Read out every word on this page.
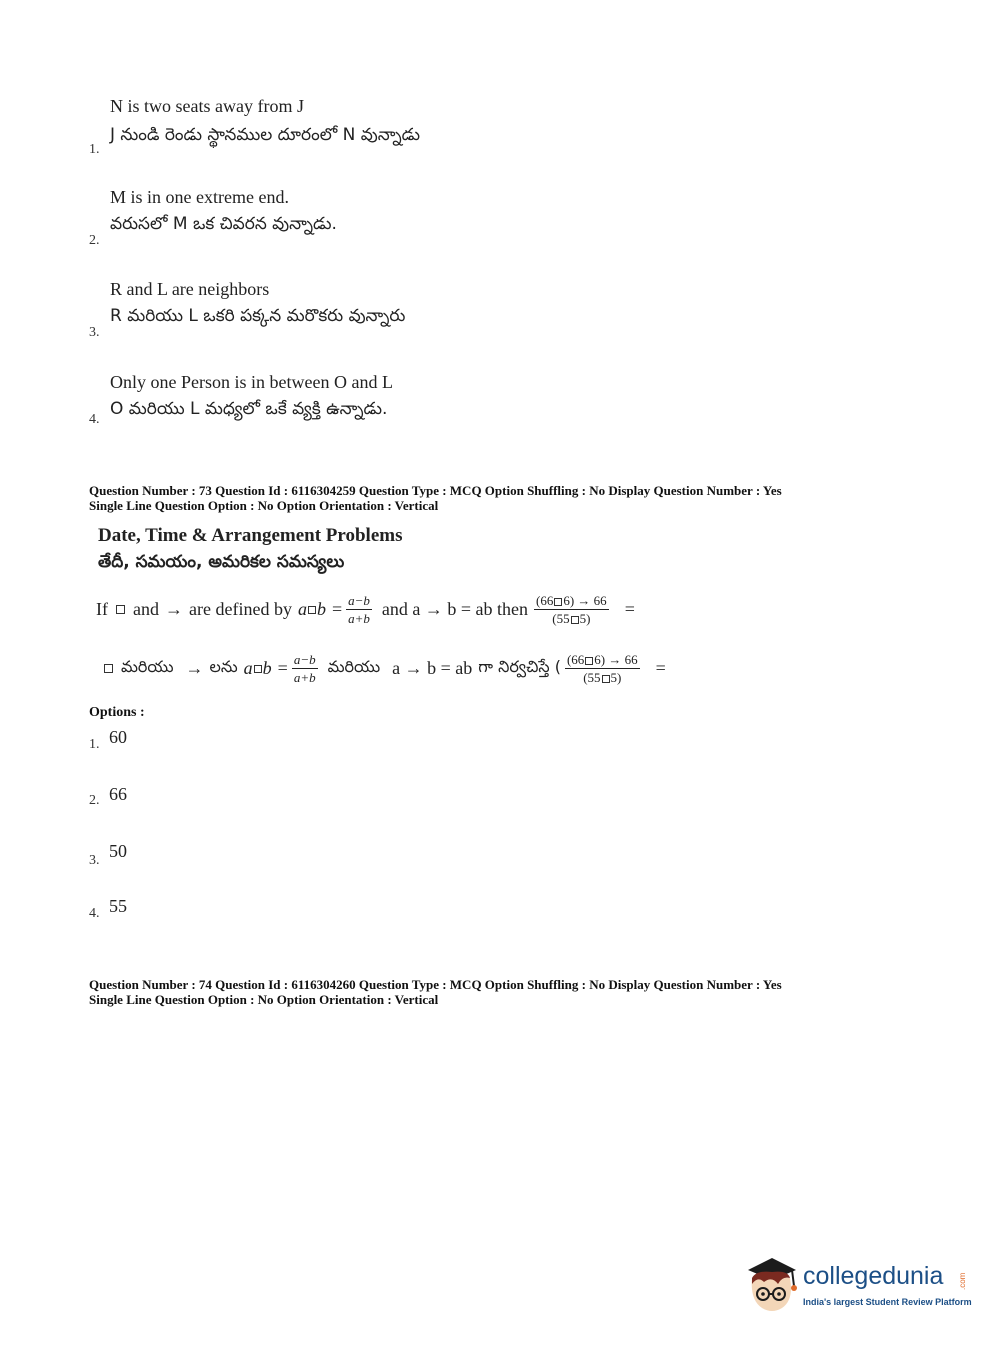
N is two seats away from J
J నుండి రెండు స్థానముల దూరంలో N వున్నాడు
1.
M is in one extreme end.
వరుసలో M ఒక చివరన వున్నాడు.
2.
R and L are neighbors
R మరియు L ఒకరి పక్కన మరొకరు వున్నారు
3.
Only one Person is in between O and L
O మరియు L మధ్యలో ఒకే వ్యక్తి ఉన్నాడు.
4.
Question Number : 73 Question Id : 6116304259 Question Type : MCQ Option Shuffling : No Display Question Number : Yes
Single Line Question Option : No Option Orientation : Vertical
Date, Time & Arrangement Problems
తేదీ, సమయం, అమరికల సమస్యలు
If and → are defined by a $b = \frac{a-b}{a+b}$ and a → b = ab then $\frac{(66 6) \to 66}{(55 5)}$ =
మరియు → లను a $b = \frac{a-b}{a+b}$ మరియు a → b = ab గా నిర్వచిస్తే ( $\frac{(66 6) \to 66}{(55 5)}$ =
Options :
1. 60
2. 66
3. 50
4. 55
Question Number : 74 Question Id : 6116304260 Question Type : MCQ Option Shuffling : No Display Question Number : Yes
Single Line Question Option : No Option Orientation : Vertical
collegedunia .com
India's largest Student Review Platform
